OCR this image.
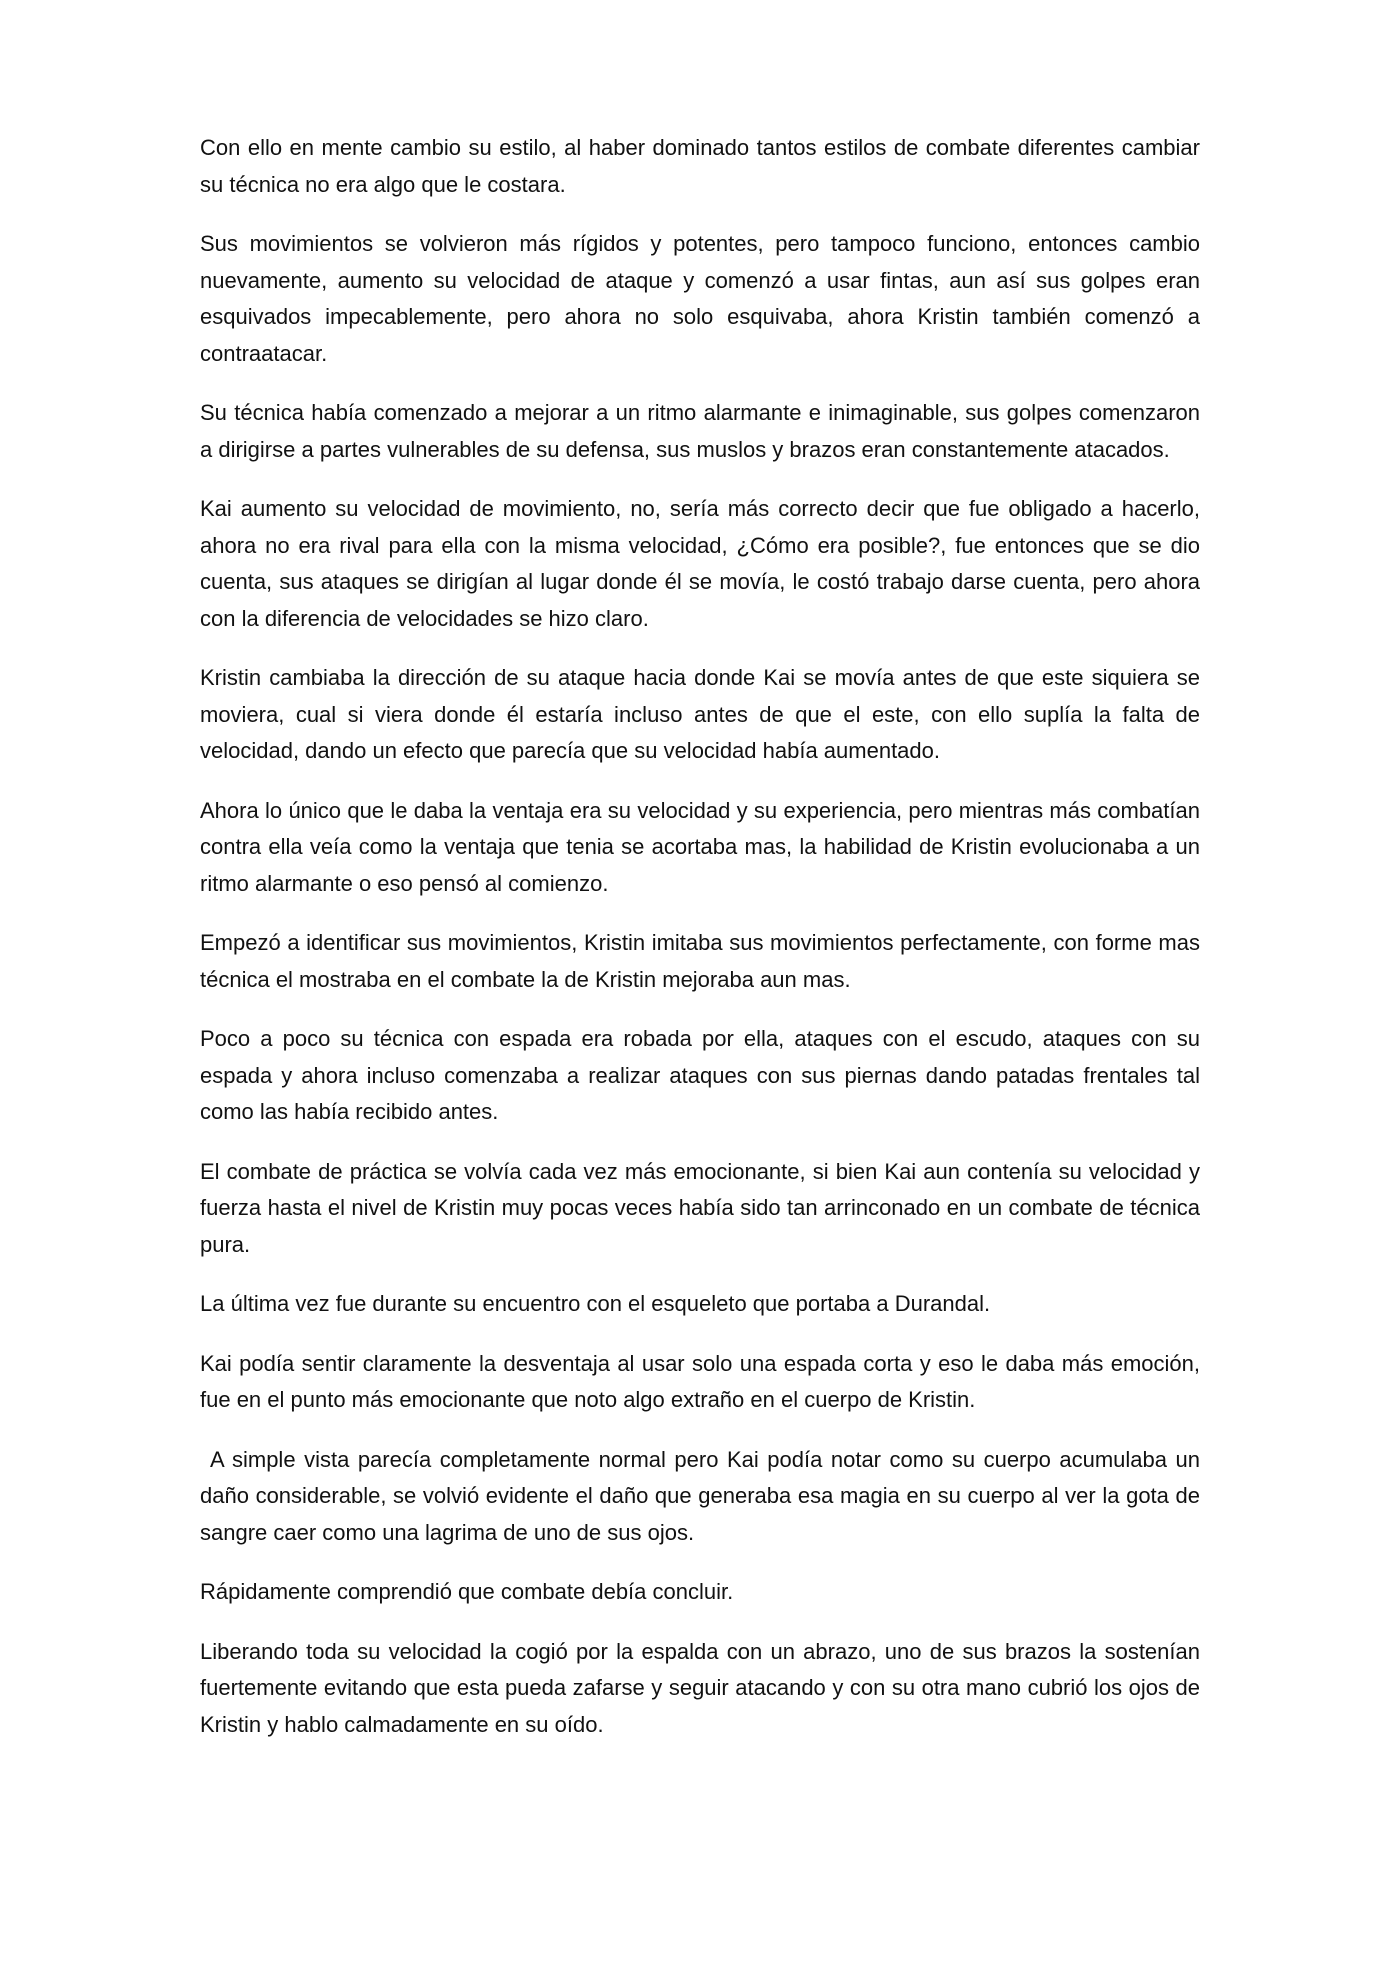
Con ello en mente cambio su estilo, al haber dominado tantos estilos de combate diferentes cambiar su técnica no era algo que le costara.

Sus movimientos se volvieron más rígidos y potentes, pero tampoco funciono, entonces cambio nuevamente, aumento su velocidad de ataque y comenzó a usar fintas, aun así sus golpes eran esquivados impecablemente, pero ahora no solo esquivaba, ahora Kristin también comenzó a contraatacar.

Su técnica había comenzado a mejorar a un ritmo alarmante e inimaginable, sus golpes comenzaron a dirigirse a partes vulnerables de su defensa, sus muslos y brazos eran constantemente atacados.

Kai aumento su velocidad de movimiento, no, sería más correcto decir que fue obligado a hacerlo, ahora no era rival para ella con la misma velocidad, ¿Cómo era posible?, fue entonces que se dio cuenta, sus ataques se dirigían al lugar donde él se movía, le costó trabajo darse cuenta, pero ahora con la diferencia de velocidades se hizo claro.

Kristin cambiaba la dirección de su ataque hacia donde Kai se movía antes de que este siquiera se moviera, cual si viera donde él estaría incluso antes de que el este, con ello suplía la falta de velocidad, dando un efecto que parecía que su velocidad había aumentado.

Ahora lo único que le daba la ventaja era su velocidad y su experiencia, pero mientras más combatían contra ella veía como la ventaja que tenia se acortaba mas, la habilidad de Kristin evolucionaba a un ritmo alarmante o eso pensó al comienzo.

Empezó a identificar sus movimientos, Kristin imitaba sus movimientos perfectamente, con forme mas técnica el mostraba en el combate la de Kristin mejoraba aun mas.

Poco a poco su técnica con espada era robada por ella, ataques con el escudo, ataques con su espada y ahora incluso comenzaba a realizar ataques con sus piernas dando patadas frentales tal como las había recibido antes.

El combate de práctica se volvía cada vez más emocionante, si bien Kai aun contenía su velocidad y fuerza hasta el nivel de Kristin muy pocas veces había sido tan arrinconado en un combate de técnica pura.

La última vez fue durante su encuentro con el esqueleto que portaba a Durandal.

Kai podía sentir claramente la desventaja al usar solo una espada corta y eso le daba más emoción, fue en el punto más emocionante que noto algo extraño en el cuerpo de Kristin.

A simple vista parecía completamente normal pero Kai podía notar como su cuerpo acumulaba un daño considerable, se volvió evidente el daño que generaba esa magia en su cuerpo al ver la gota de sangre caer como una lagrima de uno de sus ojos.

Rápidamente comprendió que combate debía concluir.

Liberando toda su velocidad la cogió por la espalda con un abrazo, uno de sus brazos la sostenían fuertemente evitando que esta pueda zafarse y seguir atacando y con su otra mano cubrió los ojos de Kristin y hablo calmadamente en su oído.
